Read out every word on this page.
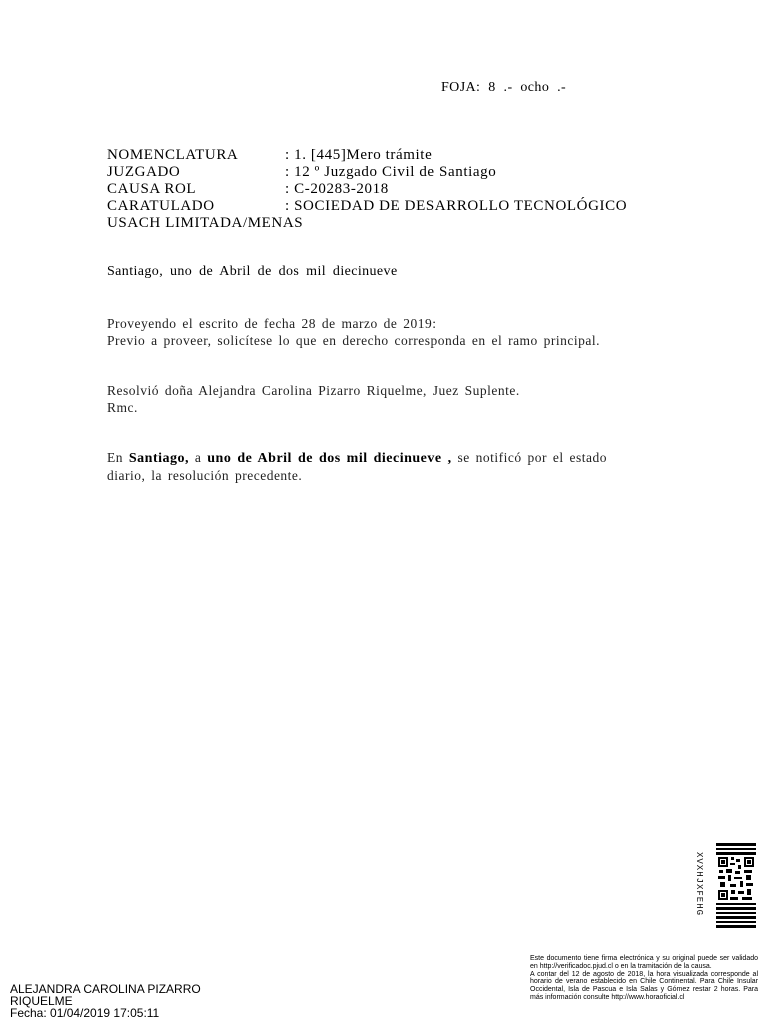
FOJA: 8 .- ocho .-
NOMENCLATURA	: 1. [445]Mero trámite
JUZGADO	: 12 º Juzgado Civil de Santiago
CAUSA ROL	: C-20283-2018
CARATULADO	: SOCIEDAD DE DESARROLLO TECNOLÓGICO
USACH LIMITADA/MENAS
Santiago, uno de Abril de dos mil diecinueve
Proveyendo el escrito de fecha 28 de marzo de 2019:
Previo a proveer, solicítese lo que en derecho corresponda en el ramo principal.
Resolvió doña Alejandra Carolina Pizarro Riquelme, Juez Suplente.
Rmc.
En Santiago, a uno de Abril de dos mil diecinueve , se notificó por el estado
diario, la resolución precedente.
XVXHJXFEHG
Este documento tiene firma electrónica y su original puede ser validado en http://verificadoc.pjud.cl o en la tramitación de la causa.
A contar del 12 de agosto de 2018, la hora visualizada corresponde al horario de verano establecido en Chile Continental. Para Chile Insular Occidental, Isla de Pascua e Isla Salas y Gómez restar 2 horas. Para más información consulte http://www.horaoficial.cl
ALEJANDRA CAROLINA PIZARRO
RIQUELME
Fecha: 01/04/2019 17:05:11
